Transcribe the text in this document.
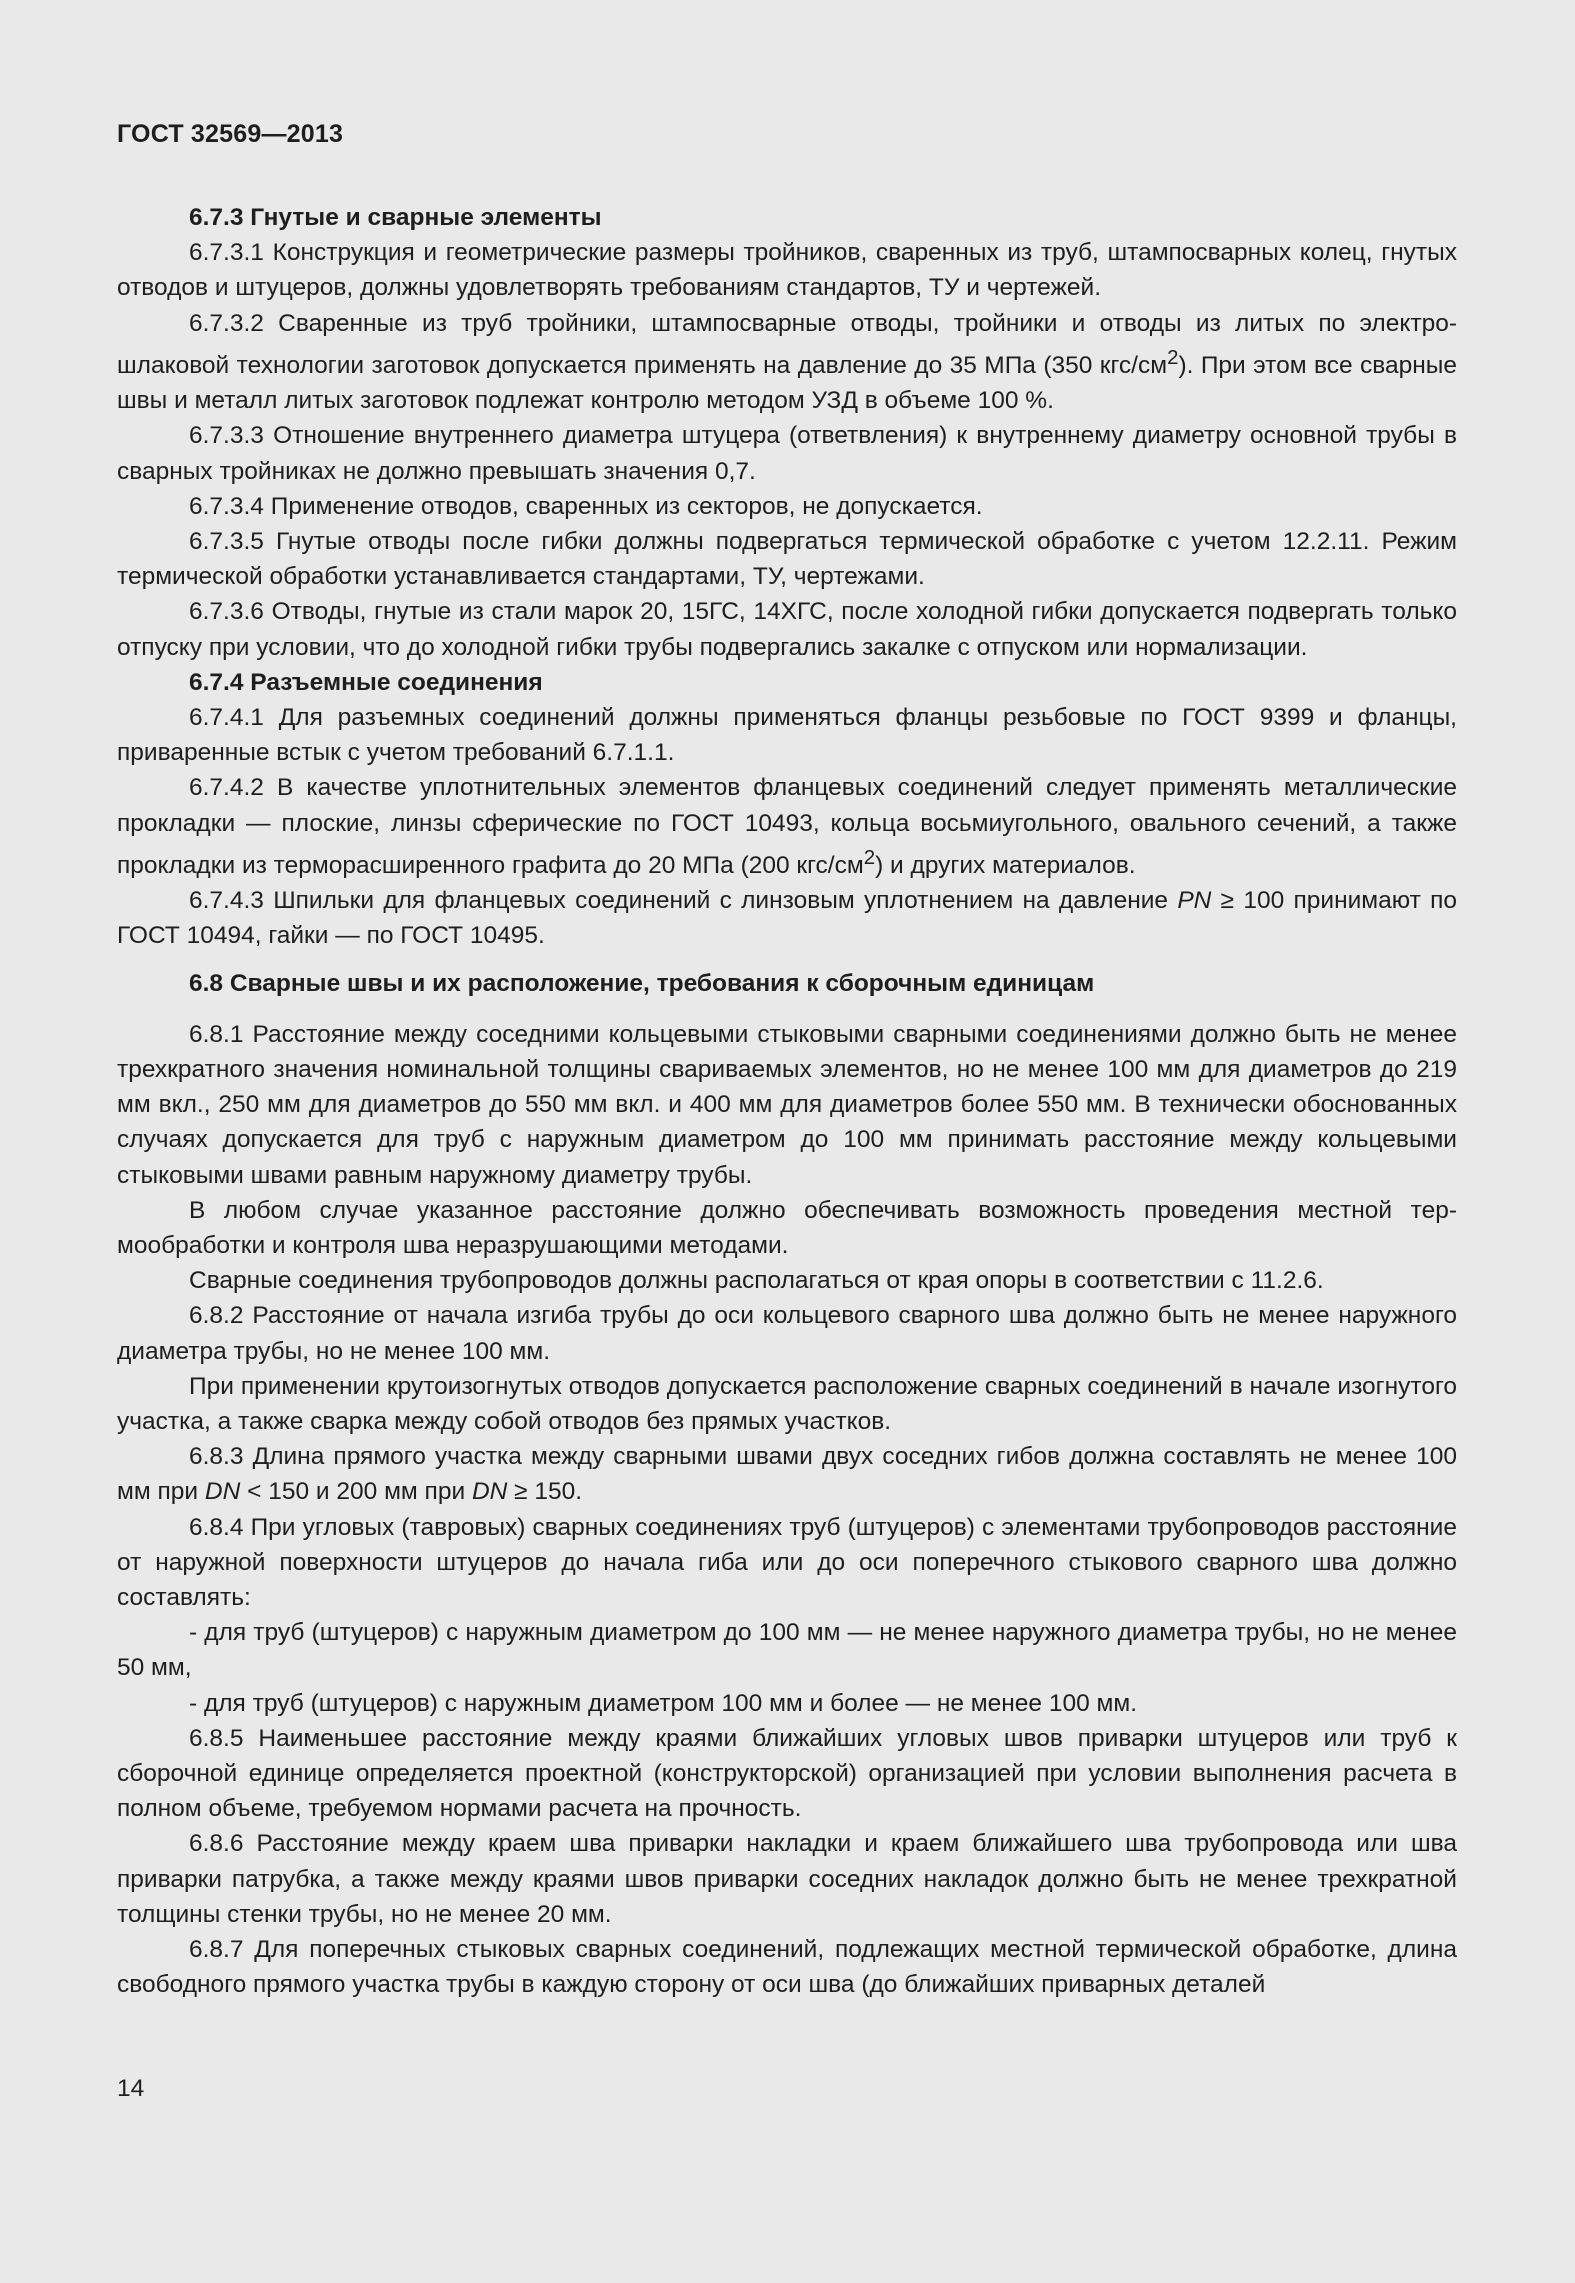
ГОСТ 32569—2013

6.7.3 Гнутые и сварные элементы

6.7.3.1 Конструкция и геометрические размеры тройников, сваренных из труб, штампосварных колец, гнутых отводов и штуцеров, должны удовлетворять требованиям стандартов, ТУ и чертежей.

6.7.3.2 Сваренные из труб тройники, штампосварные отводы, тройники и отводы из литых по электрошлаковой технологии заготовок допускается применять на давление до 35 МПа (350 кгс/$см^2$). При этом все сварные швы и металл литых заготовок подлежат контролю методом УЗД в объеме 100 %.

6.7.3.3 Отношение внутреннего диаметра штуцера (ответвления) к внутреннему диаметру основной трубы в сварных тройниках не должно превышать значения 0,7.

6.7.3.4 Применение отводов, сваренных из секторов, не допускается.

6.7.3.5 Гнутые отводы после гибки должны подвергаться термической обработке с учетом 12.2.11. Режим термической обработки устанавливается стандартами, ТУ, чертежами.

6.7.3.6 Отводы, гнутые из стали марок 20, 15ГС, 14ХГС, после холодной гибки допускается подвергать только отпуску при условии, что до холодной гибки трубы подвергались закалке с отпуском или нормализации.

6.7.4 Разъемные соединения

6.7.4.1 Для разъемных соединений должны применяться фланцы резьбовые по ГОСТ 9399 и фланцы, приваренные встык с учетом требований 6.7.1.1.

6.7.4.2 В качестве уплотнительных элементов фланцевых соединений следует применять металлические прокладки — плоские, линзы сферические по ГОСТ 10493, кольца восьмиугольного, овального сечений, а также прокладки из терморасширенного графита до 20 МПа (200 кгс/$см^2$) и других материалов.

6.7.4.3 Шпильки для фланцевых соединений с линзовым уплотнением на давление PN ≥ 100 принимают по ГОСТ 10494, гайки — по ГОСТ 10495.

6.8 Сварные швы и их расположение, требования к сборочным единицам

6.8.1 Расстояние между соседними кольцевыми стыковыми сварными соединениями должно быть не менее трехкратного значения номинальной толщины свариваемых элементов, но не менее 100 мм для диаметров до 219 мм вкл., 250 мм для диаметров до 550 мм вкл. и 400 мм для диаметров более 550 мм. В технически обоснованных случаях допускается для труб с наружным диаметром до 100 мм принимать расстояние между кольцевыми стыковыми швами равным наружному диаметру трубы.

В любом случае указанное расстояние должно обеспечивать возможность проведения местной термообработки и контроля шва неразрушающими методами.

Сварные соединения трубопроводов должны располагаться от края опоры в соответствии с 11.2.6.

6.8.2 Расстояние от начала изгиба трубы до оси кольцевого сварного шва должно быть не менее наружного диаметра трубы, но не менее 100 мм.

При применении крутоизогнутых отводов допускается расположение сварных соединений в начале изогнутого участка, а также сварка между собой отводов без прямых участков.

6.8.3 Длина прямого участка между сварными швами двух соседних гибов должна составлять не менее 100 мм при DN < 150 и 200 мм при DN ≥ 150.

6.8.4 При угловых (тавровых) сварных соединениях труб (штуцеров) с элементами трубопроводов расстояние от наружной поверхности штуцеров до начала гиба или до оси поперечного стыкового сварного шва должно составлять:

- для труб (штуцеров) с наружным диаметром до 100 мм — не менее наружного диаметра трубы, но не менее 50 мм,

- для труб (штуцеров) с наружным диаметром 100 мм и более — не менее 100 мм.

6.8.5 Наименьшее расстояние между краями ближайших угловых швов приварки штуцеров или труб к сборочной единице определяется проектной (конструкторской) организацией при условии выполнения расчета в полном объеме, требуемом нормами расчета на прочность.

6.8.6 Расстояние между краем шва приварки накладки и краем ближайшего шва трубопровода или шва приварки патрубка, а также между краями швов приварки соседних накладок должно быть не менее трехкратной толщины стенки трубы, но не менее 20 мм.

6.8.7 Для поперечных стыковых сварных соединений, подлежащих местной термической обработке, длина свободного прямого участка трубы в каждую сторону от оси шва (до ближайших приварных деталей

14
